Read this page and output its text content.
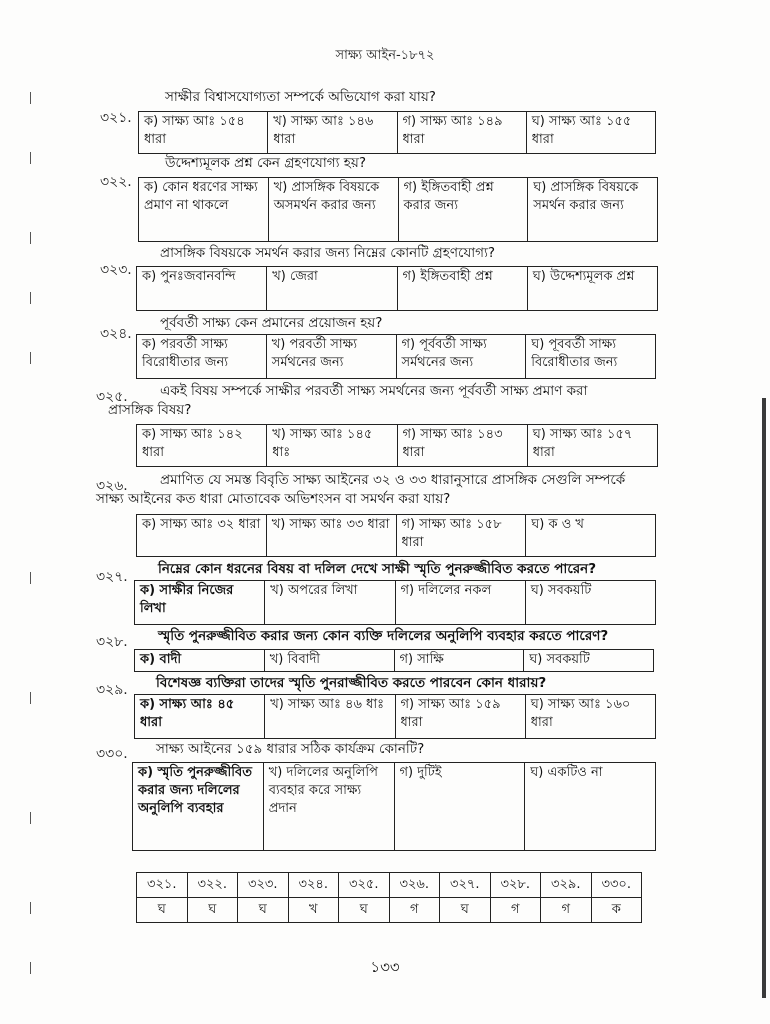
সাক্ষ্য আইন-১৮৭২
৩২১.
সাক্ষীর বিশ্বাসযোগ্যতা সম্পর্কে অভিযোগ করা যায়?
ক) সাক্ষ্য আঃ ১৫৪ ধারা	খ) সাক্ষ্য আঃ ১৪৬ ধারা	গ) সাক্ষ্য আঃ ১৪৯ ধারা	ঘ) সাক্ষ্য আঃ ১৫৫ ধারা
৩২২.
উদ্দেশ্যমূলক প্রশ্ন কেন গ্রহণযোগ্য হয়?
ক) কোন ধরণের সাক্ষ্য প্রমাণ না থাকলে	খ) প্রাসঙ্গিক বিষয়কে অসমর্থন করার জন্য	গ) ইঙ্গিতবাহী প্রশ্ন করার জন্য	ঘ) প্রাসঙ্গিক বিষয়কে সমর্থন করার জন্য
৩২৩.
প্রাসঙ্গিক বিষয়কে সমর্থন করার জন্য নিম্নের কোনটি গ্রহণযোগ্য?
ক) পুনঃজবানবন্দি	খ) জেরা	গ) ইঙ্গিতবাহী প্রশ্ন	ঘ) উদ্দেশ্যমূলক প্রশ্ন
৩২৪.
পূর্ববর্তী সাক্ষ্য কেন প্রমানের প্রয়োজন হয়?
ক) পরবর্তী সাক্ষ্য বিরোধীতার জন্য	খ) পরবর্তী সাক্ষ্য সর্মথনের জন্য	গ) পূর্ববর্তী সাক্ষ্য সর্মথনের জন্য	ঘ) পূববর্তী সাক্ষ্য বিরোধীতার জন্য
৩২৫.	একই বিষয় সম্পর্কে সাক্ষীর পরবর্তী সাক্ষ্য সমর্থনের জন্য পূর্ববর্তী সাক্ষ্য প্রমাণ করা প্রাসঙ্গিক বিষয়?
ক) সাক্ষ্য আঃ ১৪২ ধারা	খ) সাক্ষ্য আঃ ১৪৫ ধাঃ	গ) সাক্ষ্য আঃ ১৪৩ ধারা	ঘ) সাক্ষ্য আঃ ১৫৭ ধারা
৩২৬.	প্রমাণিত যে সমস্ত বিবৃতি সাক্ষ্য আইনের ৩২ ও ৩৩ ধারানুসারে প্রাসঙ্গিক সেগুলি সম্পর্কে সাক্ষ্য আইনের কত ধারা মোতাবেক অভিশংসন বা সমর্থন করা যায়?
ক) সাক্ষ্য আঃ ৩২ ধারা	খ) সাক্ষ্য আঃ ৩৩ ধারা	গ) সাক্ষ্য আঃ ১৫৮ ধারা	ঘ) ক ও খ
৩২৭. নিম্নের কোন ধরনের বিষয় বা দলিল দেখে সাক্ষী স্মৃতি পুনরুজ্জীবিত করতে পারেন?
ক) সাক্ষীর নিজের লিখা	খ) অপরের লিখা	গ) দলিলের নকল	ঘ) সবকয়টি
৩২৮. স্মৃতি পুনরুজ্জীবিত করার জন্য কোন ব্যক্তি দলিলের অনুলিপি ব্যবহার করতে পারেণ?
ক) বাদী	খ) বিবাদী	গ) সাক্ষি	ঘ) সবকয়টি
৩২৯. বিশেষজ্ঞ ব্যক্তিরা তাদের স্মৃতি পুনরাজ্জীবিত করতে পারবেন কোন ধারায়?
ক) সাক্ষ্য আঃ ৪৫ ধারা	খ) সাক্ষ্য আঃ ৪৬ ধাঃ	গ) সাক্ষ্য আঃ ১৫৯ ধারা	ঘ) সাক্ষ্য আঃ ১৬০ ধারা
৩৩০. সাক্ষ্য আইনের ১৫৯ ধারার সঠিক কার্যক্রম কোনটি?
ক) স্মৃতি পুনরুজ্জীবিত করার জন্য দলিলের অনুলিপি ব্যবহার	খ) দলিলের অনুলিপি ব্যবহার করে সাক্ষ্য প্রদান	গ) দুটিই	ঘ) একটিও না
৩২১.	৩২২.	৩২৩.	৩২৪.	৩২৫.	৩২৬.	৩২৭.	৩২৮.	৩২৯.	৩৩০.
ঘ	ঘ	ঘ	খ	ঘ	গ	ঘ	গ	গ	ক
১৩৩
